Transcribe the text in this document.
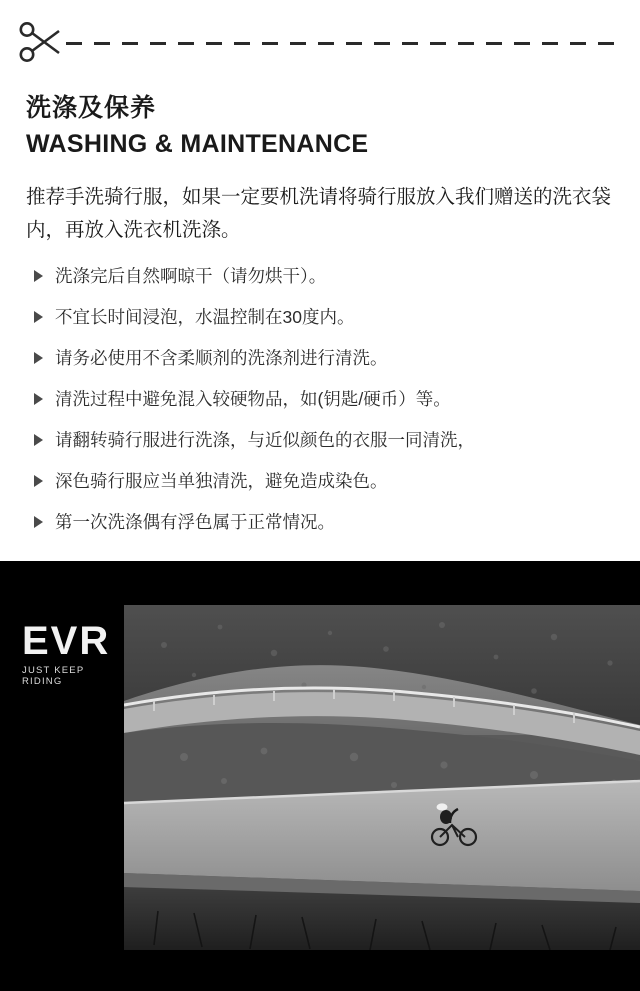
洗涤及保养
WASHING & MAINTENANCE

推荐手洗骑行服，如果一定要机洗请将骑行服放入我们赠送的洗衣袋内，再放入洗衣机洗涤。

洗涤完后自然啊晾干（请勿烘干）。
不宜长时间浸泡，水温控制在30度内。
请务必使用不含柔顺剂的洗涤剂进行清洗。
清洗过程中避免混入较硬物品，如(钥匙/硬币）等。
请翻转骑行服进行洗涤，与近似颜色的衣服一同清洗，
深色骑行服应当单独清洗，避免造成染色。
第一次洗涤偶有浮色属于正常情况。
EVR
JUST KEEP RIDING
